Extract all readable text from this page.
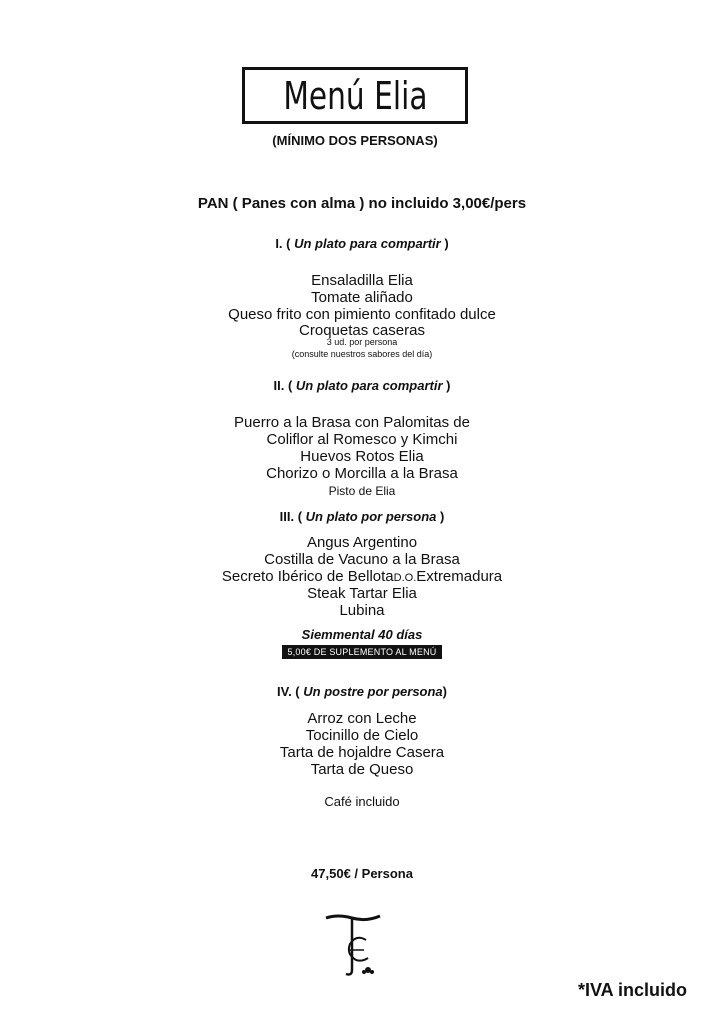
Menú Elia
(MÍNIMO DOS PERSONAS)
PAN ( Panes con alma ) no incluido 3,00€/pers
I. ( Un plato para compartir )
Ensaladilla Elia
Tomate aliñado
Queso frito con pimiento confitado dulce
Croquetas caseras
3 ud. por persona
(consulte nuestros sabores del día)
II. ( Un plato para compartir )
Puerro a la Brasa con Palomitas de
Coliflor al Romesco y Kimchi
Huevos Rotos Elia
Chorizo o Morcilla a la Brasa
Pisto de Elia
III. ( Un plato por persona )
Angus Argentino
Costilla de Vacuno a la Brasa
Secreto Ibérico de BellotaD.O.Extremadura
Steak Tartar Elia
Lubina
Siemmental 40 días
5,00€ DE SUPLEMENTO AL MENÚ
IV. ( Un postre por persona)
Arroz con Leche
Tocinillo de Cielo
Tarta de hojaldre Casera
Tarta de Queso
Café incluido
47,50€ / Persona
*IVA incluido
